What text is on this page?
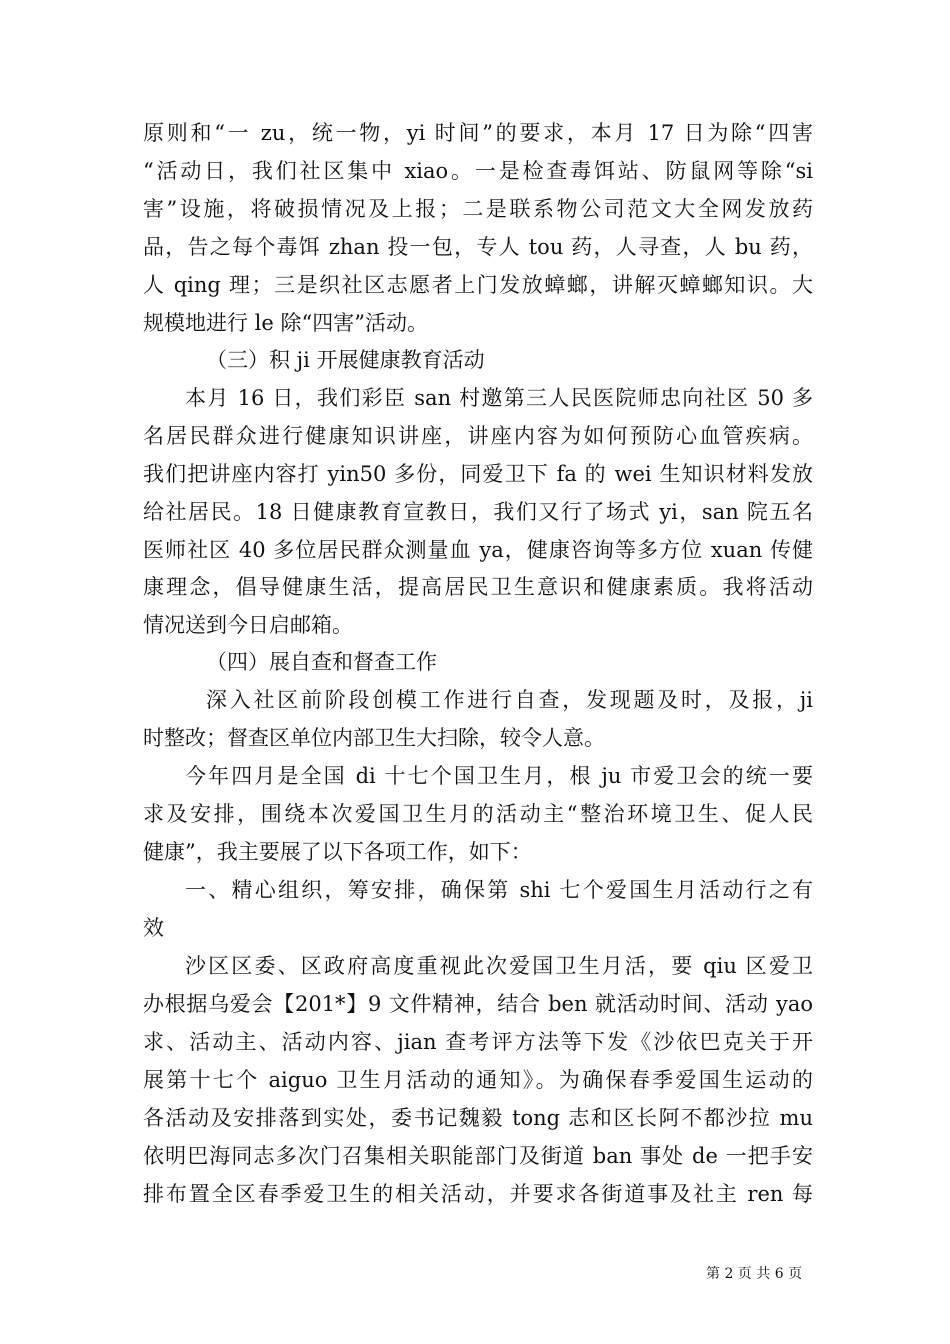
原则和“一 zu，统一物，yi 时间”的要求，本月 17 日为除“四害
“活动日，我们社区集中 xiao。一是检查毒饵站、防鼠网等除“si
害”设施，将破损情况及上报；二是联系物公司范文大全网发放药
品，告之每个毒饵 zhan 投一包，专人 tou 药，人寻查，人 bu 药，
人 qing 理；三是织社区志愿者上门发放蟑螂，讲解灭蟑螂知识。大
规模地进行 le 除“四害”活动。
（三）积 ji 开展健康教育活动
本月 16 日，我们彩臣 san 村邀第三人民医院师忠向社区 50 多
名居民群众进行健康知识讲座，讲座内容为如何预防心血管疾病。
我们把讲座内容打 yin50 多份，同爱卫下 fa 的 wei 生知识材料发放
给社居民。18 日健康教育宣教日，我们又行了场式 yi，san 院五名
医师社区 40 多位居民群众测量血 ya，健康咨询等多方位 xuan 传健
康理念，倡导健康生活，提高居民卫生意识和健康素质。我将活动
情况送到今日启邮箱。
（四）展自查和督查工作
深入社区前阶段创模工作进行自查，发现题及时，及报，ji
时整改；督查区单位内部卫生大扫除，较令人意。
今年四月是全国 di 十七个国卫生月，根 ju 市爱卫会的统一要
求及安排，围绕本次爱国卫生月的活动主“整治环境卫生、促人民
健康”，我主要展了以下各项工作，如下：
一、精心组织，筹安排，确保第 shi 七个爱国生月活动行之有
效
沙区区委、区政府高度重视此次爱国卫生月活，要 qiu 区爱卫
办根据乌爱会【201*】9 文件精神，结合 ben 就活动时间、活动 yao
求、活动主、活动内容、jian 查考评方法等下发《沙依巴克关于开
展第十七个 aiguo 卫生月活动的通知》。为确保春季爱国生运动的
各活动及安排落到实处，委书记魏毅 tong 志和区长阿不都沙拉 mu
依明巴海同志多次门召集相关职能部门及街道 ban 事处 de 一把手安
排布置全区春季爱卫生的相关活动，并要求各街道事及社主 ren 每
第 2 页 共 6 页
